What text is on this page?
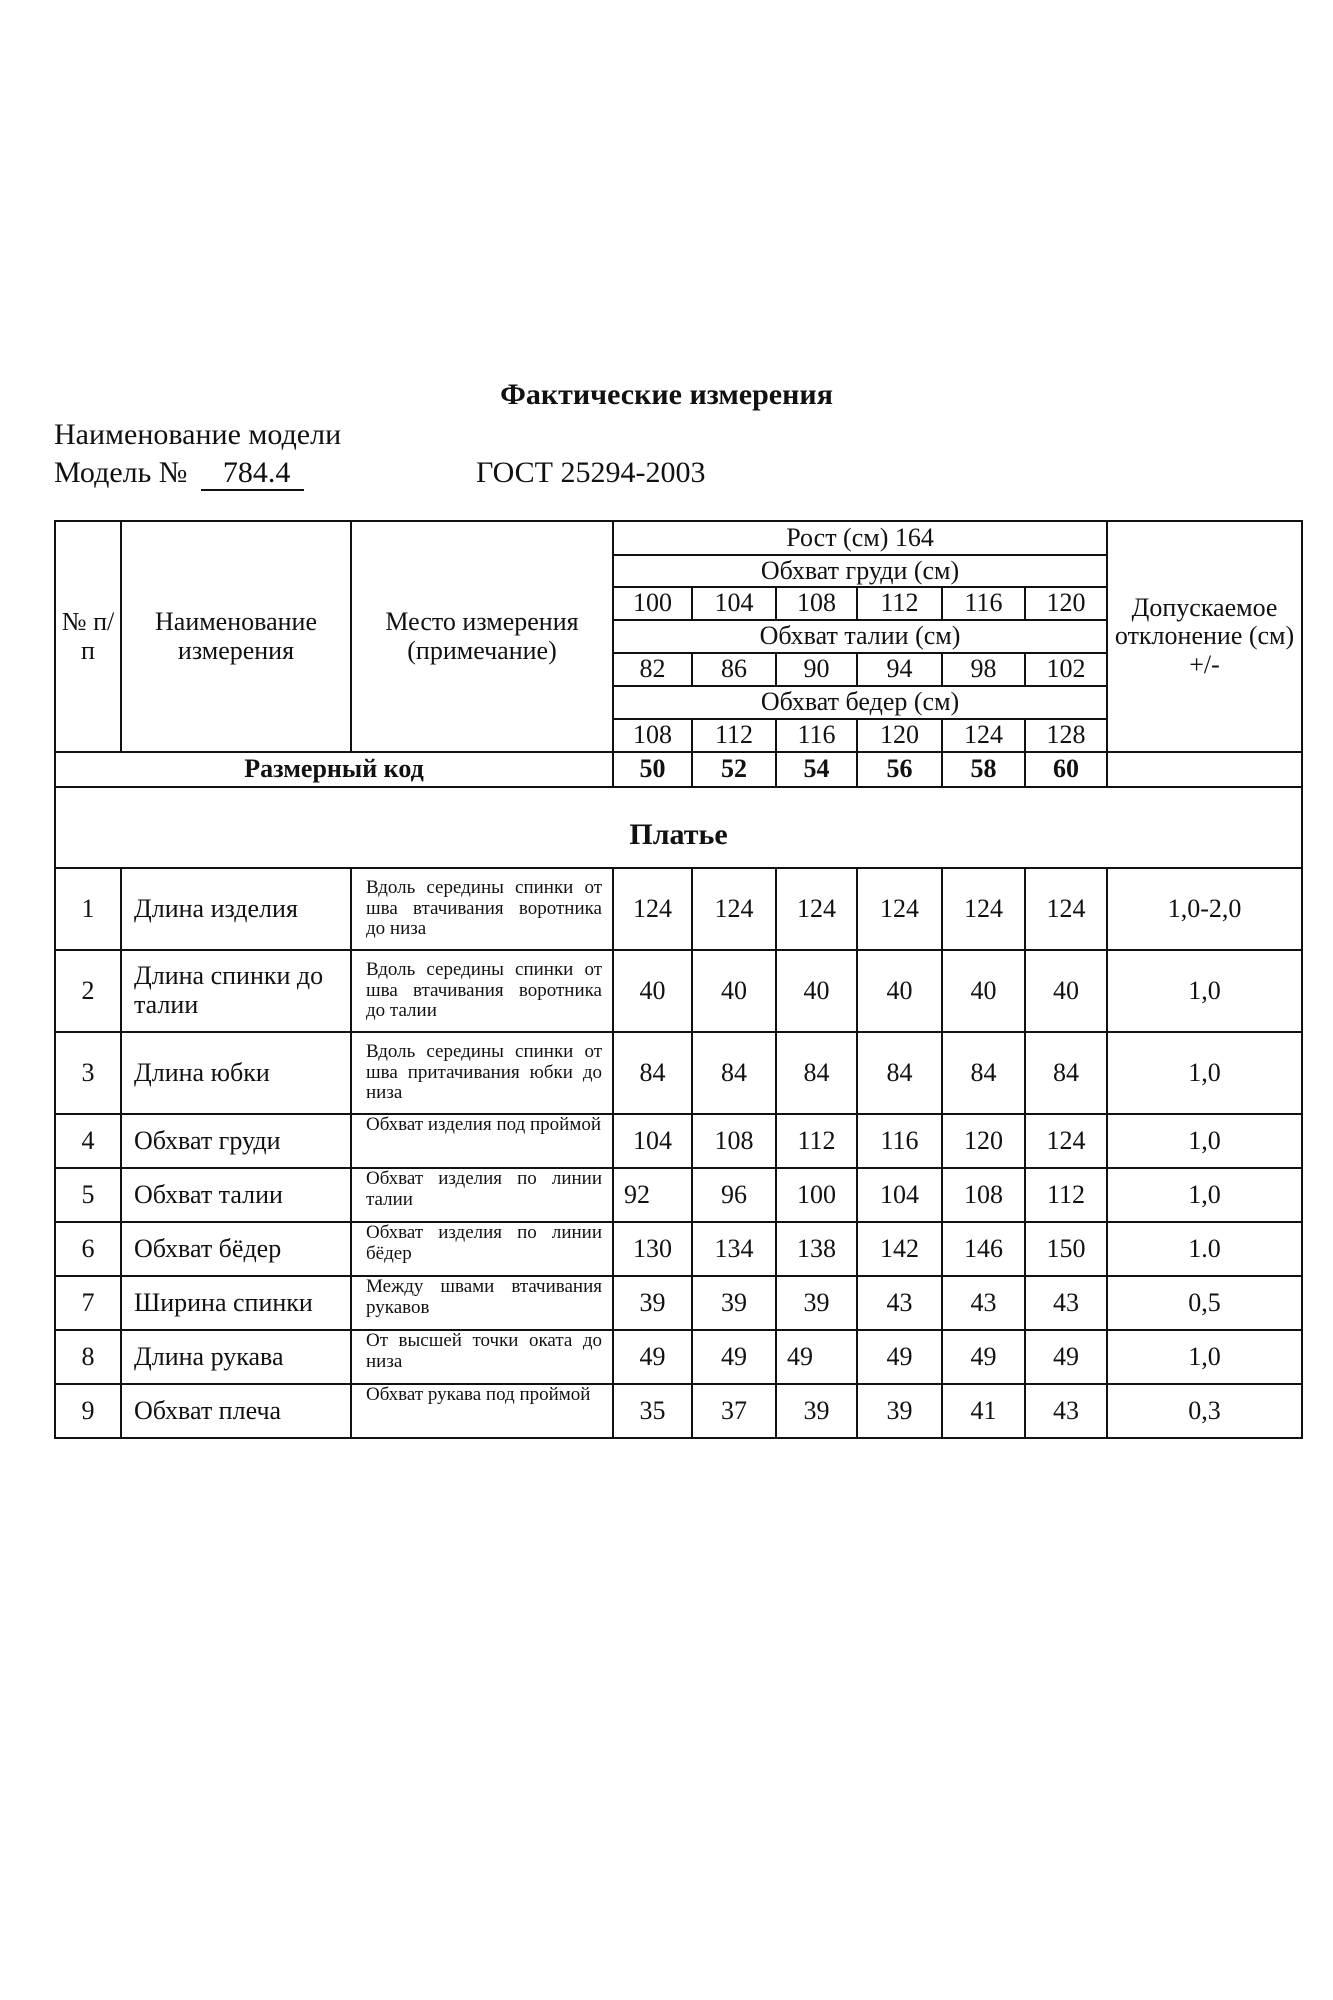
Фактические измерения
Наименование модели
Модель № 784.4	ГОСТ 25294-2003
№ п/п	Наименование измерения	Место измерения (примечание)	Рост (см) 164						Допускаемое отклонение (см) +/-
			Обхват груди (см)						
			100	104	108	112	116	120	
			Обхват талии (см)						
			82	86	90	94	98	102	
			Обхват бедер (см)						
			108	112	116	120	124	128	
Размерный код			50	52	54	56	58	60	
Платье									
1	Длина изделия	Вдоль середины спинки от шва втачивания воротника до низа	124	124	124	124	124	124	1,0-2,0
2	Длина спинки до талии	Вдоль середины спинки от шва втачивания воротника до талии	40	40	40	40	40	40	1,0
3	Длина юбки	Вдоль середины спинки от шва притачивания юбки до низа	84	84	84	84	84	84	1,0
4	Обхват груди	Обхват изделия под проймой	104	108	112	116	120	124	1,0
5	Обхват талии	Обхват изделия по линии талии	92	96	100	104	108	112	1,0
6	Обхват бёдер	Обхват изделия по линии бёдер	130	134	138	142	146	150	1.0
7	Ширина спинки	Между швами втачивания рукавов	39	39	39	43	43	43	0,5
8	Длина рукава	От высшей точки оката до низа	49	49	49	49	49	49	1,0
9	Обхват плеча	Обхват рукава под проймой	35	37	39	39	41	43	0,3
